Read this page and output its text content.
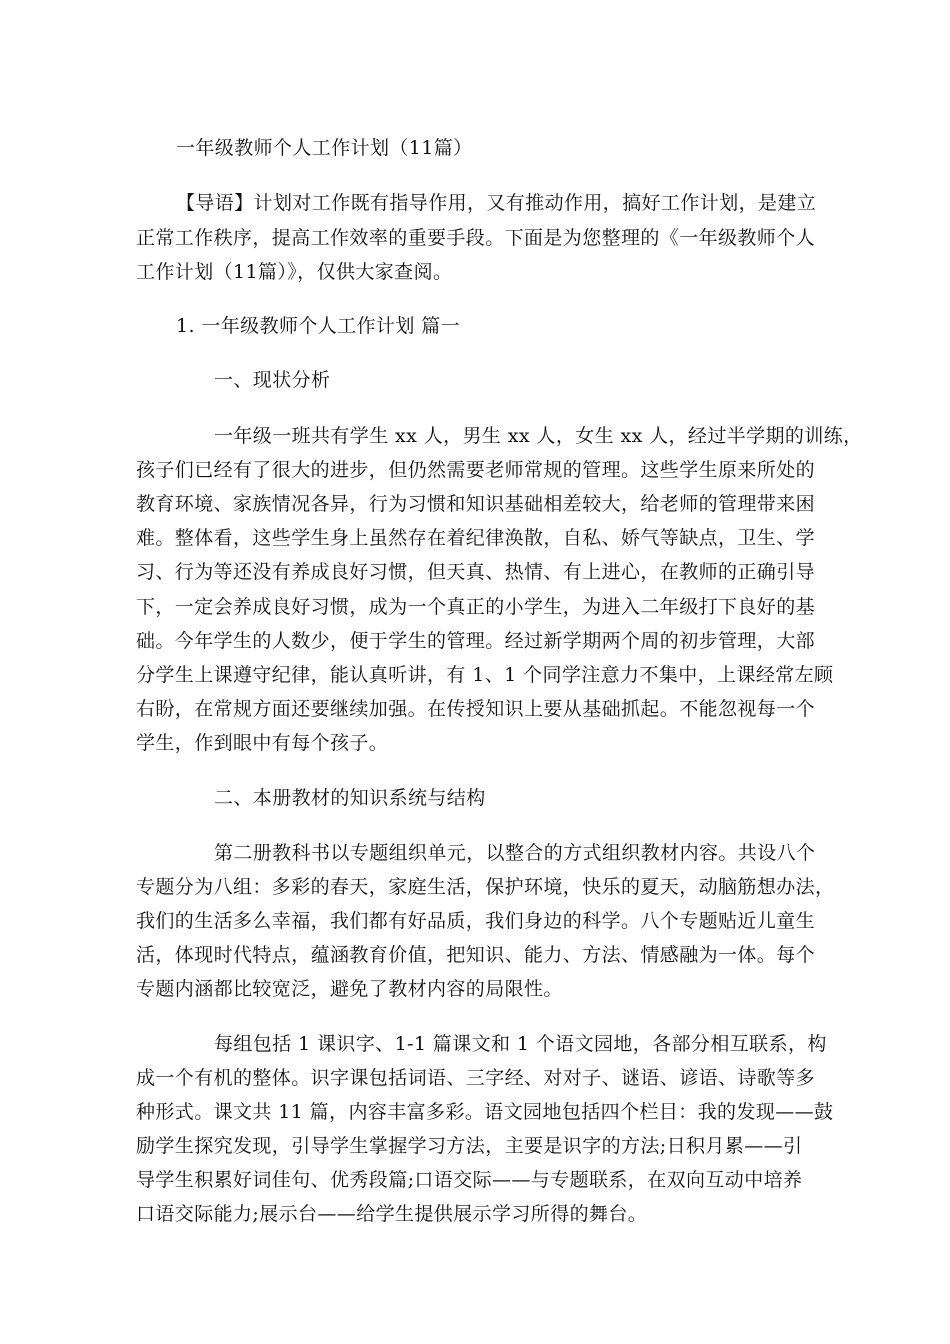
一年级教师个人工作计划（11篇）

【导语】计划对工作既有指导作用，又有推动作用，搞好工作计划，是建立

正常工作秩序，提高工作效率的重要手段。下面是为您整理的《一年级教师个人

工作计划（11篇）》，仅供大家查阅。

1. 一年级教师个人工作计划 篇一

一、现状分析

一年级一班共有学生 xx 人，男生 xx 人，女生 xx 人，经过半学期的训练，

孩子们已经有了很大的进步，但仍然需要老师常规的管理。这些学生原来所处的

教育环境、家族情况各异，行为习惯和知识基础相差较大，给老师的管理带来困

难。整体看，这些学生身上虽然存在着纪律涣散，自私、娇气等缺点，卫生、学

习、行为等还没有养成良好习惯，但天真、热情、有上进心，在教师的正确引导

下，一定会养成良好习惯，成为一个真正的小学生，为进入二年级打下良好的基

础。今年学生的人数少，便于学生的管理。经过新学期两个周的初步管理，大部

分学生上课遵守纪律，能认真听讲，有 1、1 个同学注意力不集中，上课经常左顾

右盼，在常规方面还要继续加强。在传授知识上要从基础抓起。不能忽视每一个

学生，作到眼中有每个孩子。

二、本册教材的知识系统与结构

第二册教科书以专题组织单元，以整合的方式组织教材内容。共设八个

专题分为八组：多彩的春天，家庭生活，保护环境，快乐的夏天，动脑筋想办法，

我们的生活多么幸福，我们都有好品质，我们身边的科学。八个专题贴近儿童生

活，体现时代特点，蕴涵教育价值，把知识、能力、方法、情感融为一体。每个

专题内涵都比较宽泛，避免了教材内容的局限性。

每组包括 1 课识字、1-1 篇课文和 1 个语文园地，各部分相互联系，构

成一个有机的整体。识字课包括词语、三字经、对对子、谜语、谚语、诗歌等多

种形式。课文共 11 篇，内容丰富多彩。语文园地包括四个栏目：我的发现——鼓

励学生探究发现，引导学生掌握学习方法，主要是识字的方法;日积月累——引

导学生积累好词佳句、优秀段篇;口语交际——与专题联系，在双向互动中培养

口语交际能力;展示台——给学生提供展示学习所得的舞台。
